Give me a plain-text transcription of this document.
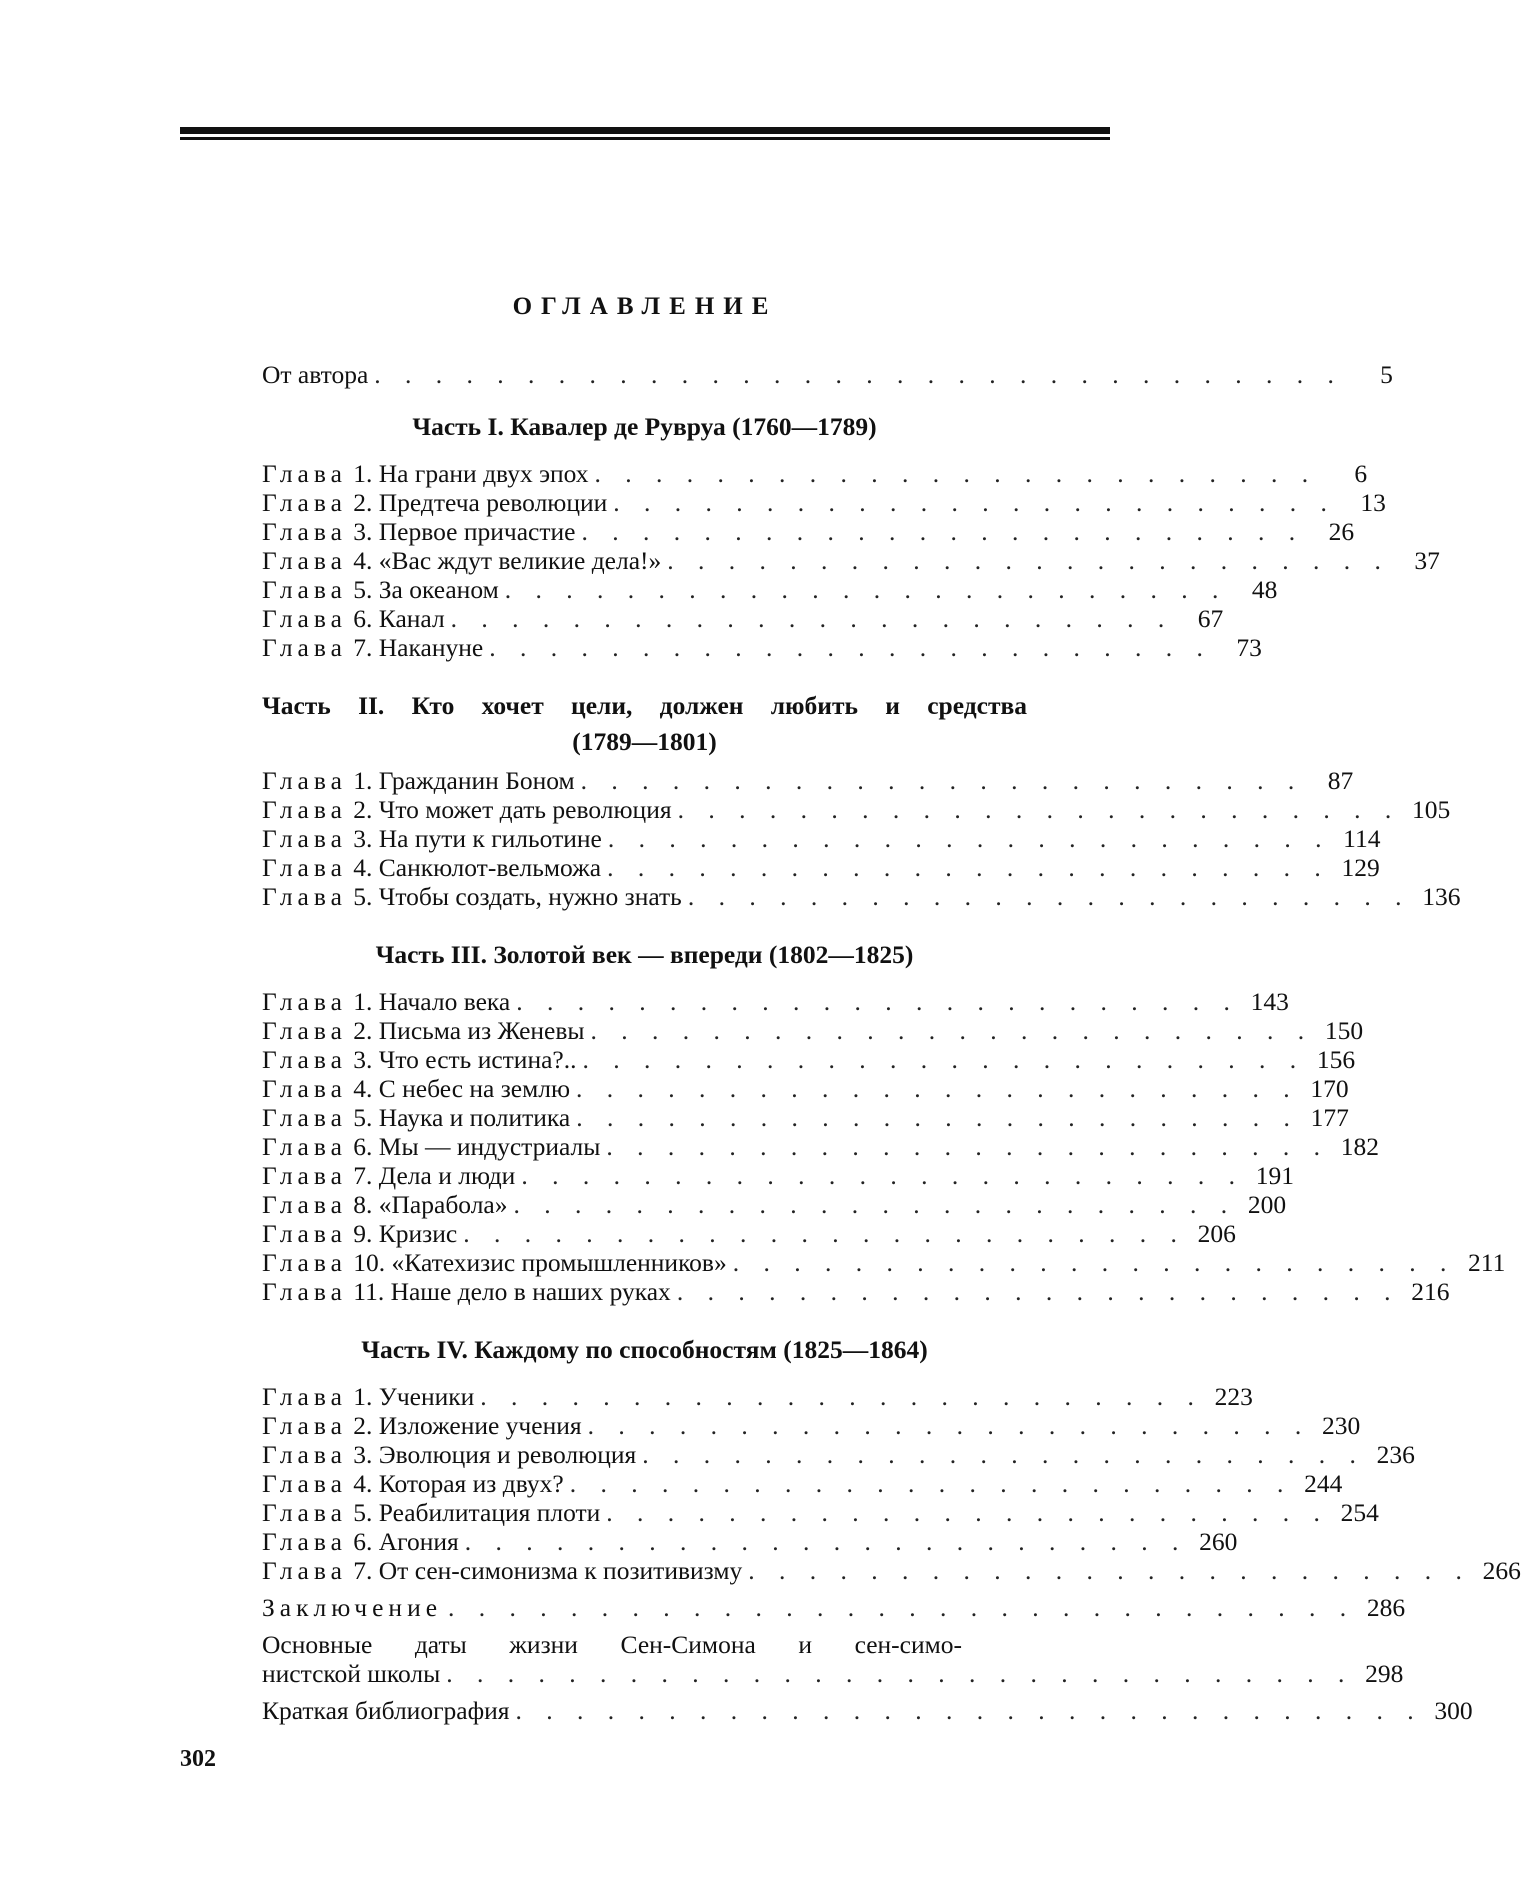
ОГЛАВЛЕНИЕ
От автора . . . . . . . . . . . . . . . . . . . . . . . . . . . . . . . .	5
Часть I. Кавалер де Рувруа (1760—1789)
Глава 1. На грани двух эпох . . . . . . . . . . . . . . . . . . . . . . . .	6
Глава 2. Предтеча революции . . . . . . . . . . . . . . . . . . . . . . . . 13
Глава 3. Первое причастие . . . . . . . . . . . . . . . . . . . . . . . . 26
Глава 4. «Вас ждут великие дела!» . . . . . . . . . . . . . . . . . . . . . . . . 37
Глава 5. За океаном . . . . . . . . . . . . . . . . . . . . . . . . 48
Глава 6. Канал . . . . . . . . . . . . . . . . . . . . . . . . 67
Глава 7. Накануне . . . . . . . . . . . . . . . . . . . . . . . . 73
Часть II. Кто хочет цели, должен любить и средства
(1789—1801)
Глава 1. Гражданин Боном . . . . . . . . . . . . . . . . . . . . . . . . 87
Глава 2. Что может дать революция . . . . . . . . . . . . . . . . . . . . . . . . 105
Глава 3. На пути к гильотине . . . . . . . . . . . . . . . . . . . . . . . . 114
Глава 4. Санкюлот-вельможа . . . . . . . . . . . . . . . . . . . . . . . . 129
Глава 5. Чтобы создать, нужно знать . . . . . . . . . . . . . . . . . . . . . . . . 136
Часть III. Золотой век — впереди (1802—1825)
Глава 1. Начало века . . . . . . . . . . . . . . . . . . . . . . . . 143
Глава 2. Письма из Женевы . . . . . . . . . . . . . . . . . . . . . . . . 150
Глава 3. Что есть истина?.. . . . . . . . . . . . . . . . . . . . . . . . . 156
Глава 4. С небес на землю . . . . . . . . . . . . . . . . . . . . . . . . 170
Глава 5. Наука и политика . . . . . . . . . . . . . . . . . . . . . . . . 177
Глава 6. Мы — индустриалы . . . . . . . . . . . . . . . . . . . . . . . . 182
Глава 7. Дела и люди . . . . . . . . . . . . . . . . . . . . . . . . 191
Глава 8. «Парабола» . . . . . . . . . . . . . . . . . . . . . . . . 200
Глава 9. Кризис . . . . . . . . . . . . . . . . . . . . . . . . 206
Глава 10. «Катехизис промышленников» . . . . . . . . . . . . . . . . . . . . . . . . 211
Глава 11. Наше дело в наших руках . . . . . . . . . . . . . . . . . . . . . . . . 216
Часть IV. Каждому по способностям (1825—1864)
Глава 1. Ученики . . . . . . . . . . . . . . . . . . . . . . . . 223
Глава 2. Изложение учения . . . . . . . . . . . . . . . . . . . . . . . . 230
Глава 3. Эволюция и революция . . . . . . . . . . . . . . . . . . . . . . . . 236
Глава 4. Которая из двух? . . . . . . . . . . . . . . . . . . . . . . . . 244
Глава 5. Реабилитация плоти . . . . . . . . . . . . . . . . . . . . . . . . 254
Глава 6. Агония . . . . . . . . . . . . . . . . . . . . . . . . 260
Глава 7. От сен-симонизма к позитивизму . . . . . . . . . . . . . . . . . . . . . . . . 266
Заключение . . . . . . . . . . . . . . . . . . . . . . . . . . . . . . 286
Основные даты жизни Сен-Симона и сен-симо-
нистской школы . . . . . . . . . . . . . . . . . . . . . . . . . . . . . . 298
Краткая библиография . . . . . . . . . . . . . . . . . . . . . . . . . . . . . . 300
302
